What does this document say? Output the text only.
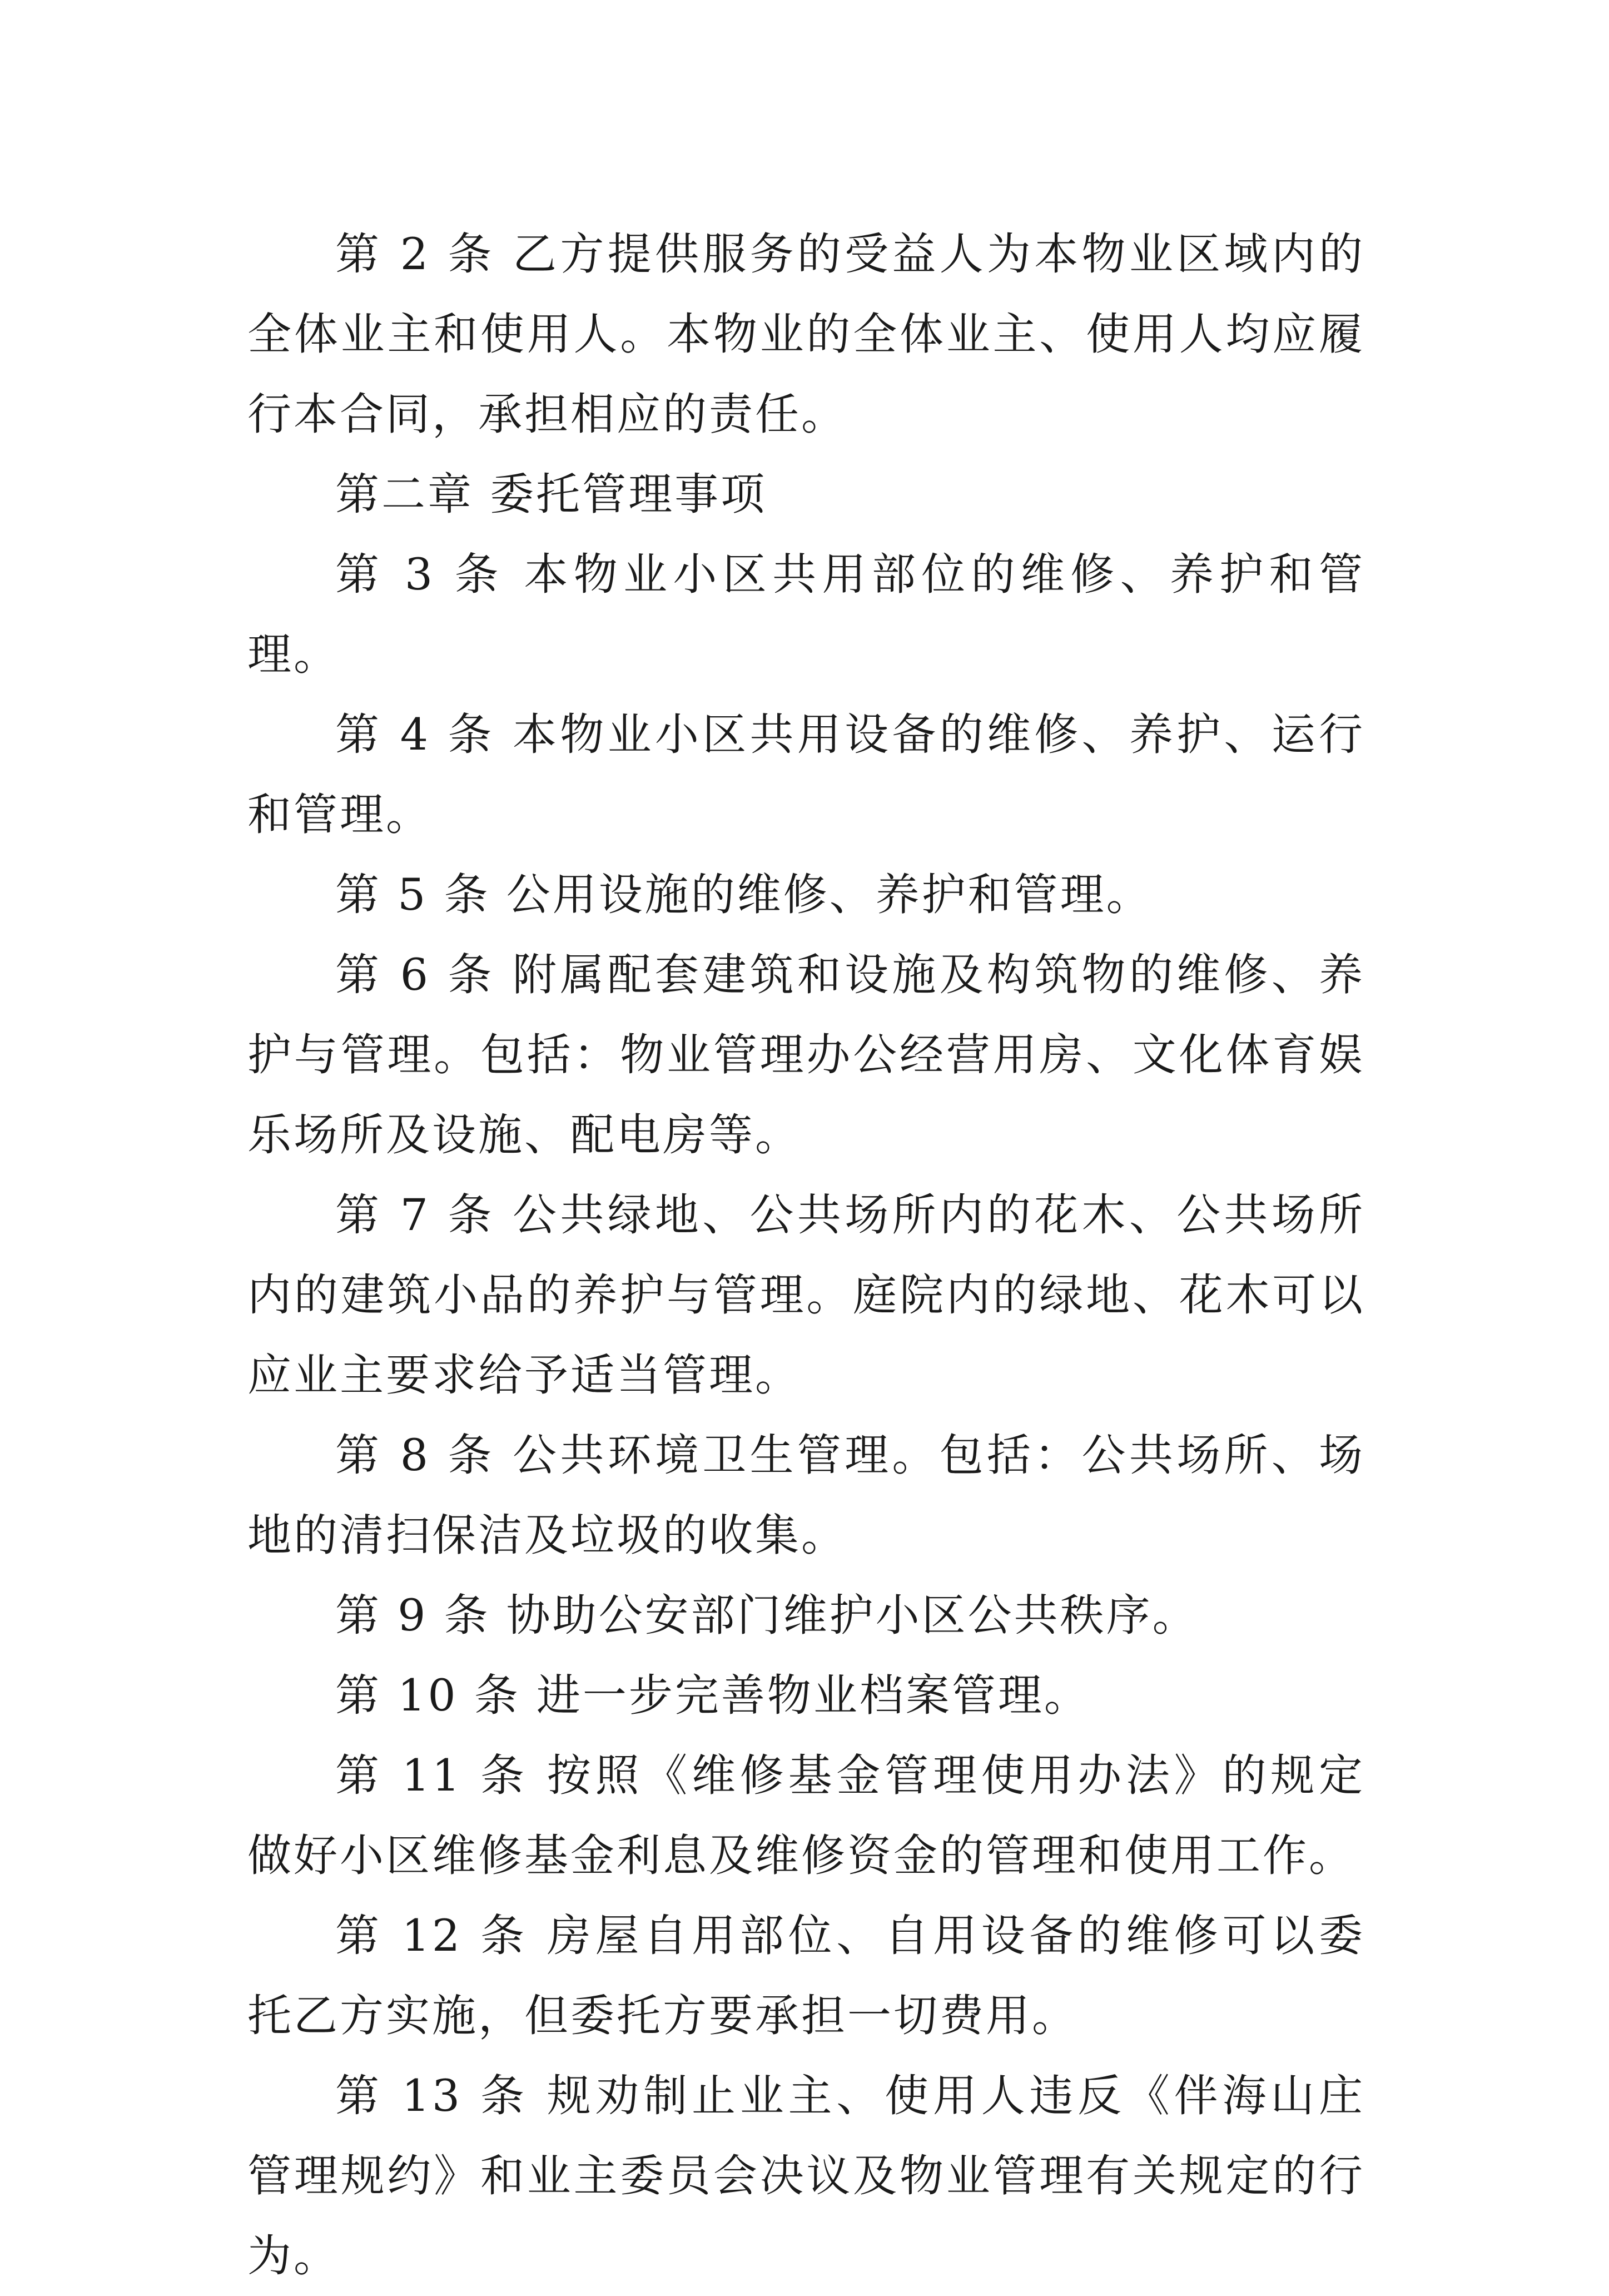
第 2 条 乙方提供服务的受益人为本物业区域内的全体业主和使用人。本物业的全体业主、使用人均应履行本合同，承担相应的责任。

第二章 委托管理事项

第 3 条 本物业小区共用部位的维修、养护和管理。

第 4 条 本物业小区共用设备的维修、养护、运行和管理。

第 5 条 公用设施的维修、养护和管理。

第 6 条 附属配套建筑和设施及构筑物的维修、养护与管理。包括：物业管理办公经营用房、文化体育娱乐场所及设施、配电房等。

第 7 条 公共绿地、公共场所内的花木、公共场所内的建筑小品的养护与管理。庭院内的绿地、花木可以应业主要求给予适当管理。

第 8 条 公共环境卫生管理。包括：公共场所、场地的清扫保洁及垃圾的收集。

第 9 条 协助公安部门维护小区公共秩序。

第 10 条 进一步完善物业档案管理。

第 11 条 按照《维修基金管理使用办法》的规定做好小区维修基金利息及维修资金的管理和使用工作。

第 12 条 房屋自用部位、自用设备的维修可以委托乙方实施，但委托方要承担一切费用。

第 13 条 规劝制止业主、使用人违反《伴海山庄管理规约》和业主委员会决议及物业管理有关规定的行为。
